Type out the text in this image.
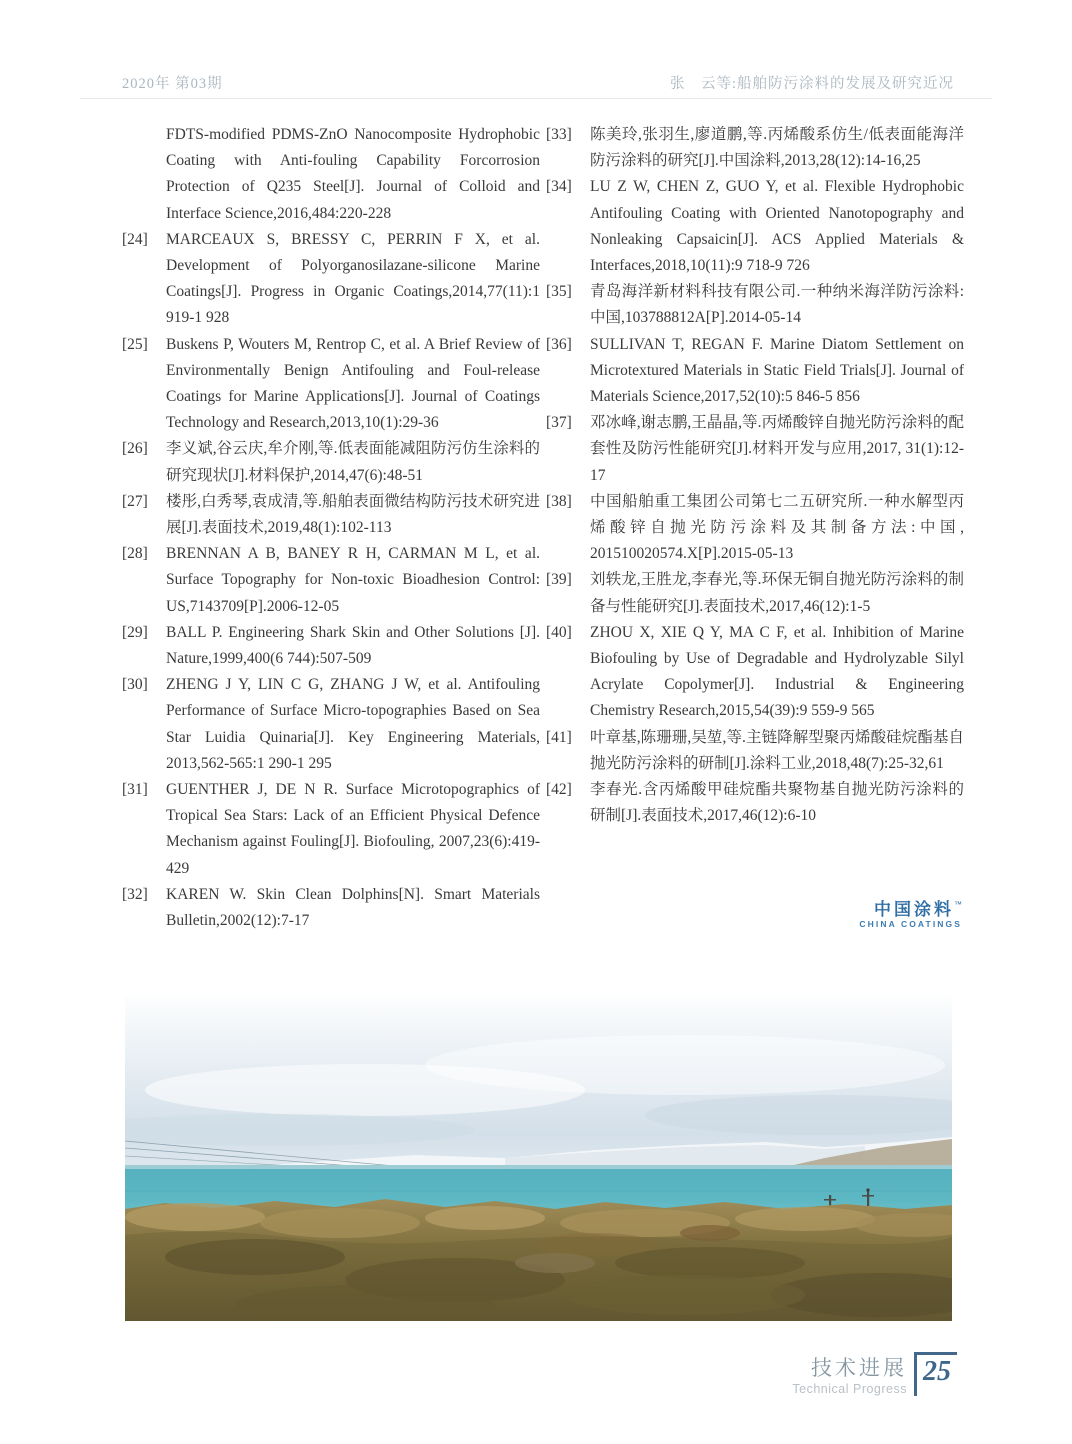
2020年 第03期	张　云等:船舶防污涂料的发展及研究近况
FDTS-modified PDMS-ZnO Nanocomposite Hydrophobic Coating with Anti-fouling Capability Forcorrosion Protection of Q235 Steel[J]. Journal of Colloid and Interface Science,2016,484:220-228
[24]	MARCEAUX S, BRESSY C, PERRIN F X, et al. Development of Polyorganosilazane-silicone Marine Coatings[J]. Progress in Organic Coatings,2014,77(11):1 919-1 928
[25]	Buskens P, Wouters M, Rentrop C, et al. A Brief Review of Environmentally Benign Antifouling and Foul-release Coatings for Marine Applications[J]. Journal of Coatings Technology and Research,2013,10(1):29-36
[26]	李义斌,谷云庆,牟介刚,等.低表面能减阻防污仿生涂料的研究现状[J].材料保护,2014,47(6):48-51
[27]	楼彤,白秀琴,袁成清,等.船舶表面微结构防污技术研究进展[J].表面技术,2019,48(1):102-113
[28]	BRENNAN A B, BANEY R H, CARMAN M L, et al. Surface Topography for Non-toxic Bioadhesion Control: US,7143709[P].2006-12-05
[29]	BALL P. Engineering Shark Skin and Other Solutions [J]. Nature,1999,400(6 744):507-509
[30]	ZHENG J Y, LIN C G, ZHANG J W, et al. Antifouling Performance of Surface Micro-topographies Based on Sea Star Luidia Quinaria[J]. Key Engineering Materials, 2013,562-565:1 290-1 295
[31]	GUENTHER J, DE N R. Surface Microtopographics of Tropical Sea Stars: Lack of an Efficient Physical Defence Mechanism against Fouling[J]. Biofouling, 2007,23(6):419-429
[32]	KAREN W. Skin Clean Dolphins[N]. Smart Materials Bulletin,2002(12):7-17
[33]	陈美玲,张羽生,廖道鹏,等.丙烯酸系仿生/低表面能海洋防污涂料的研究[J].中国涂料,2013,28(12):14-16,25
[34]	LU Z W, CHEN Z, GUO Y, et al. Flexible Hydrophobic Antifouling Coating with Oriented Nanotopography and Nonleaking Capsaicin[J]. ACS Applied Materials & Interfaces,2018,10(11):9 718-9 726
[35]	青岛海洋新材料科技有限公司.一种纳米海洋防污涂料:中国,103788812A[P].2014-05-14
[36]	SULLIVAN T, REGAN F. Marine Diatom Settlement on Microtextured Materials in Static Field Trials[J]. Journal of Materials Science,2017,52(10):5 846-5 856
[37]	邓冰峰,谢志鹏,王晶晶,等.丙烯酸锌自抛光防污涂料的配套性及防污性能研究[J].材料开发与应用,2017, 31(1):12-17
[38]	中国船舶重工集团公司第七二五研究所.一种水解型丙烯酸锌自抛光防污涂料及其制备方法:中国, 201510020574.X[P].2015-05-13
[39]	刘轶龙,王胜龙,李春光,等.环保无铜自抛光防污涂料的制备与性能研究[J].表面技术,2017,46(12):1-5
[40]	ZHOU X, XIE Q Y, MA C F, et al. Inhibition of Marine Biofouling by Use of Degradable and Hydrolyzable Silyl Acrylate Copolymer[J]. Industrial & Engineering Chemistry Research,2015,54(39):9 559-9 565
[41]	叶章基,陈珊珊,吴堃,等.主链降解型聚丙烯酸硅烷酯基自抛光防污涂料的研制[J].涂料工业,2018,48(7):25-32,61
[42]	李春光.含丙烯酸甲硅烷酯共聚物基自抛光防污涂料的研制[J].表面技术,2017,46(12):6-10
中国涂料™
CHINA COATINGS
技术进展
Technical Progress
25
